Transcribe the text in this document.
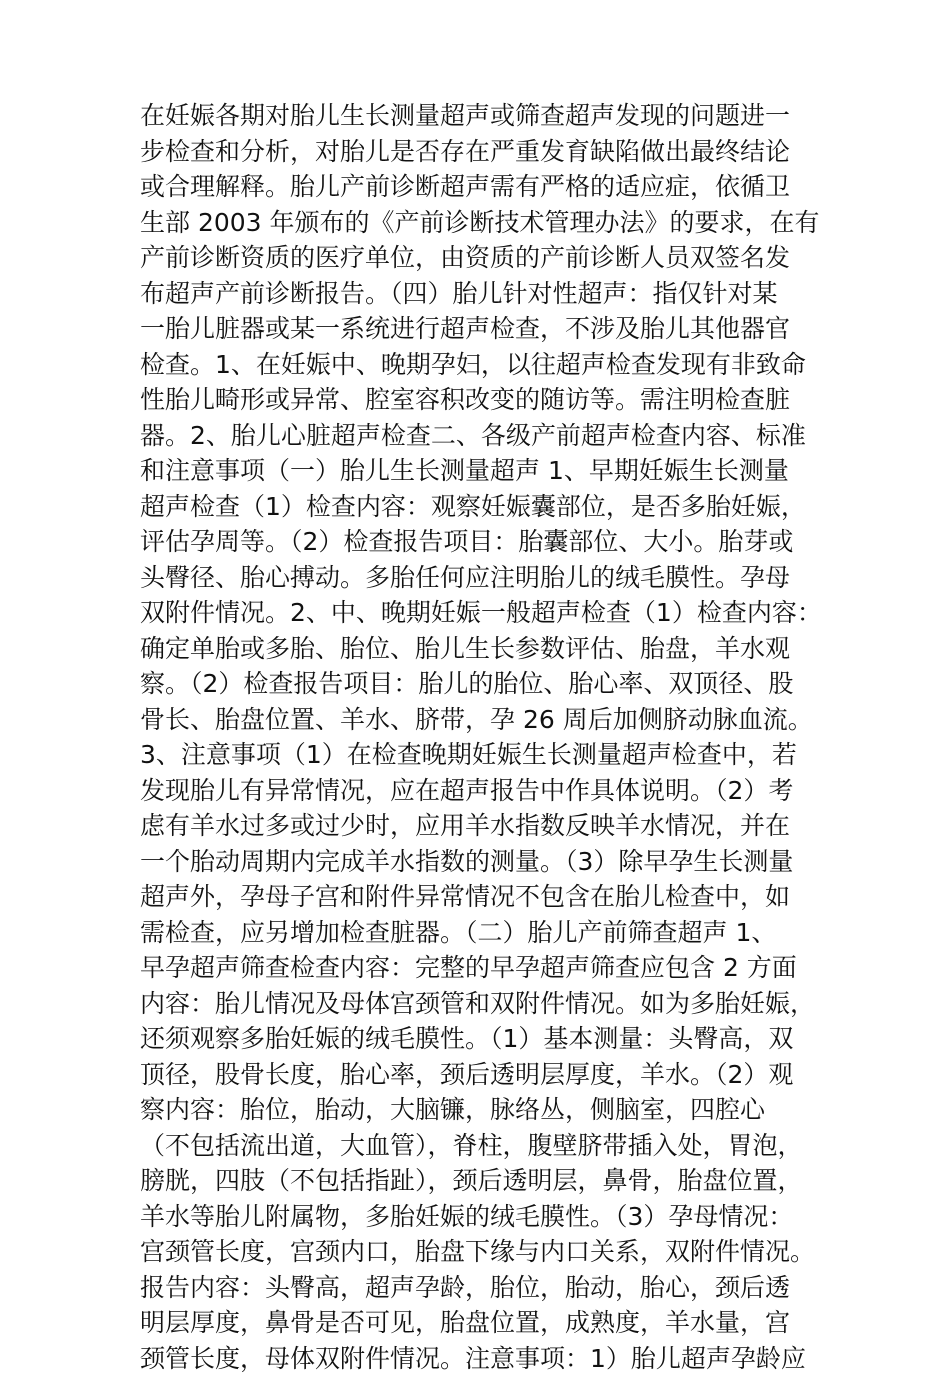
在妊娠各期对胎儿生长测量超声或筛查超声发现的问题进一
步检查和分析，对胎儿是否存在严重发育缺陷做出最终结论
或合理解释。胎儿产前诊断超声需有严格的适应症，依循卫
生部 2003 年颁布的《产前诊断技术管理办法》的要求，在有
产前诊断资质的医疗单位，由资质的产前诊断人员双签名发
布超声产前诊断报告。（四）胎儿针对性超声：指仅针对某
一胎儿脏器或某一系统进行超声检查，不涉及胎儿其他器官
检查。1、在妊娠中、晚期孕妇，以往超声检查发现有非致命
性胎儿畸形或异常、腔室容积改变的随访等。需注明检查脏
器。2、胎儿心脏超声检查二、各级产前超声检查内容、标准
和注意事项（一）胎儿生长测量超声 1、早期妊娠生长测量
超声检查（1）检查内容：观察妊娠囊部位，是否多胎妊娠，
评估孕周等。（2）检查报告项目：胎囊部位、大小。胎芽或
头臀径、胎心搏动。多胎任何应注明胎儿的绒毛膜性。孕母
双附件情况。2、中、晚期妊娠一般超声检查（1）检查内容：
确定单胎或多胎、胎位、胎儿生长参数评估、胎盘，羊水观
察。（2）检查报告项目：胎儿的胎位、胎心率、双顶径、股
骨长、胎盘位置、羊水、脐带，孕 26 周后加侧脐动脉血流。
3、注意事项（1）在检查晚期妊娠生长测量超声检查中，若
发现胎儿有异常情况，应在超声报告中作具体说明。（2）考
虑有羊水过多或过少时，应用羊水指数反映羊水情况，并在
一个胎动周期内完成羊水指数的测量。（3）除早孕生长测量
超声外，孕母子宫和附件异常情况不包含在胎儿检查中，如
需检查，应另增加检查脏器。（二）胎儿产前筛查超声 1、
早孕超声筛查检查内容：完整的早孕超声筛查应包含 2 方面
内容：胎儿情况及母体宫颈管和双附件情况。如为多胎妊娠，
还须观察多胎妊娠的绒毛膜性。（1）基本测量：头臀高，双
顶径，股骨长度，胎心率，颈后透明层厚度，羊水。（2）观
察内容：胎位，胎动，大脑镰，脉络丛，侧脑室，四腔心
（不包括流出道，大血管），脊柱，腹壁脐带插入处，胃泡，
膀胱，四肢（不包括指趾），颈后透明层，鼻骨，胎盘位置，
羊水等胎儿附属物，多胎妊娠的绒毛膜性。（3）孕母情况：
宫颈管长度，宫颈内口，胎盘下缘与内口关系，双附件情况。
报告内容：头臀高，超声孕龄，胎位，胎动，胎心，颈后透
明层厚度，鼻骨是否可见，胎盘位置，成熟度，羊水量，宫
颈管长度，母体双附件情况。注意事项：1）胎儿超声孕龄应
